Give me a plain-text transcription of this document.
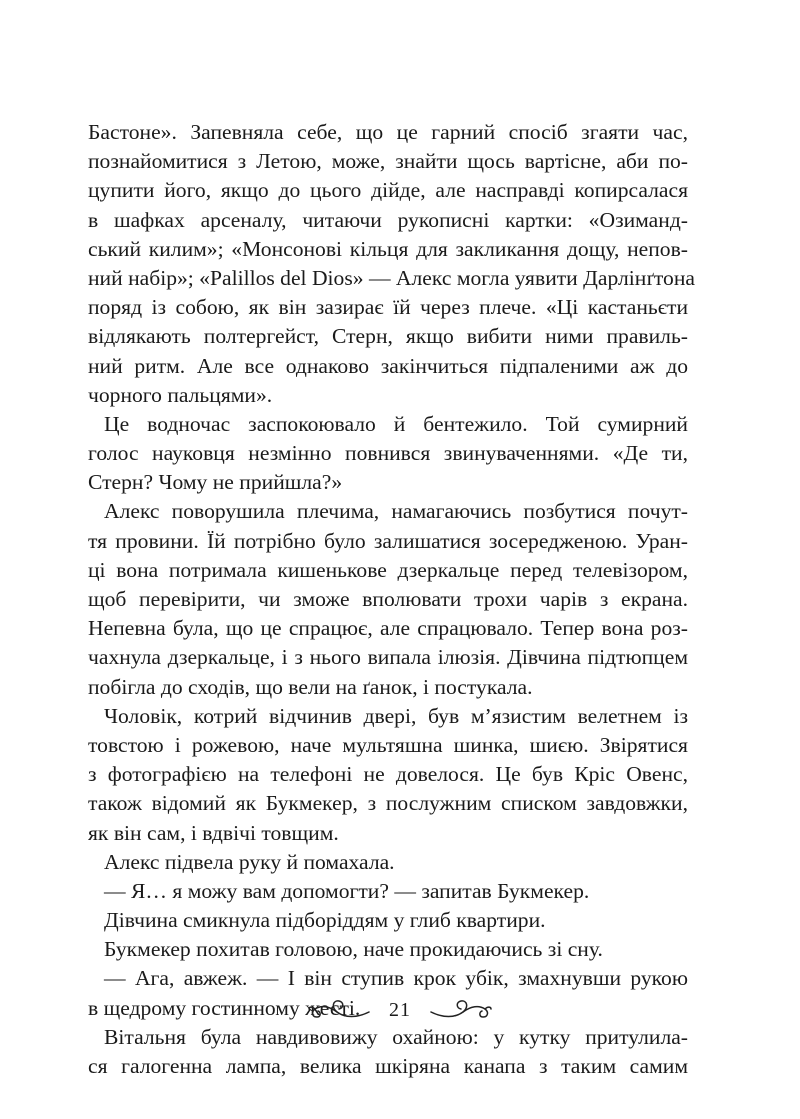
Бастоне». Запевняла себе, що це гарний спосіб згаяти час,
познайомитися з Летою, може, знайти щось вартісне, аби по-
цупити його, якщо до цього дійде, але насправді копирсалася
в шафках арсеналу, читаючи рукописні картки: «Озиманд-
ський килим»; «Монсонові кільця для закликання дощу, непов-
ний набір»; «Palillos del Dios» — Алекс могла уявити Дарлінґтона
поряд із собою, як він зазирає їй через плече. «Ці кастаньєти
відлякають полтергейст, Стерн, якщо вибити ними правиль-
ний ритм. Але все однаково закінчиться підпаленими аж до
чорного пальцями».
Це водночас заспокоювало й бентежило. Той сумирний
голос науковця незмінно повнився звинуваченнями. «Де ти,
Стерн? Чому не прийшла?»
Алекс поворушила плечима, намагаючись позбутися почут-
тя провини. Їй потрібно було залишатися зосередженою. Уран-
ці вона потримала кишенькове дзеркальце перед телевізором,
щоб перевірити, чи зможе вполювати трохи чарів з екрана.
Непевна була, що це спрацює, але спрацювало. Тепер вона роз-
чахнула дзеркальце, і з нього випала ілюзія. Дівчина підтюпцем
побігла до сходів, що вели на ґанок, і постукала.
Чоловік, котрий відчинив двері, був м’язистим велетнем із
товстою і рожевою, наче мультяшна шинка, шиєю. Звірятися
з фотографією на телефоні не довелося. Це був Кріс Овенс,
також відомий як Букмекер, з послужним списком завдовжки,
як він сам, і вдвічі товщим.
Алекс підвела руку й помахала.
— Я… я можу вам допомогти? — запитав Букмекер.
Дівчина смикнула підборіддям у глиб квартири.
Букмекер похитав головою, наче прокидаючись зі сну.
— Ага, авжеж. — І він ступив крок убік, змахнувши рукою
в щедрому гостинному жесті.
Вітальня була навдивовижу охайною: у кутку притулила-
ся галогенна лампа, велика шкіряна канапа з таким самим
21
